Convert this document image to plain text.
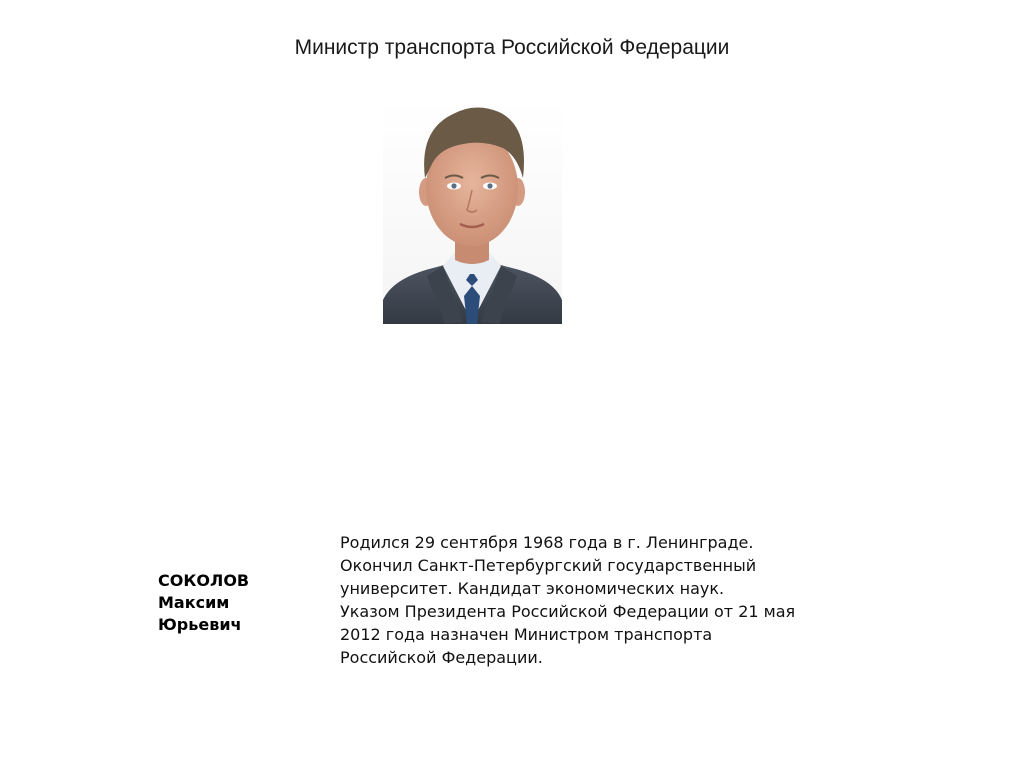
Министр транспорта Российской Федерации
СОКОЛОВ
Максим
Юрьевич
Родился 29 сентября 1968 года в г. Ленинграде.
Окончил Санкт-Петербургский государственный
университет. Кандидат экономических наук.
Указом Президента Российской Федерации от 21 мая
2012 года назначен Министром транспорта
Российской Федерации.
